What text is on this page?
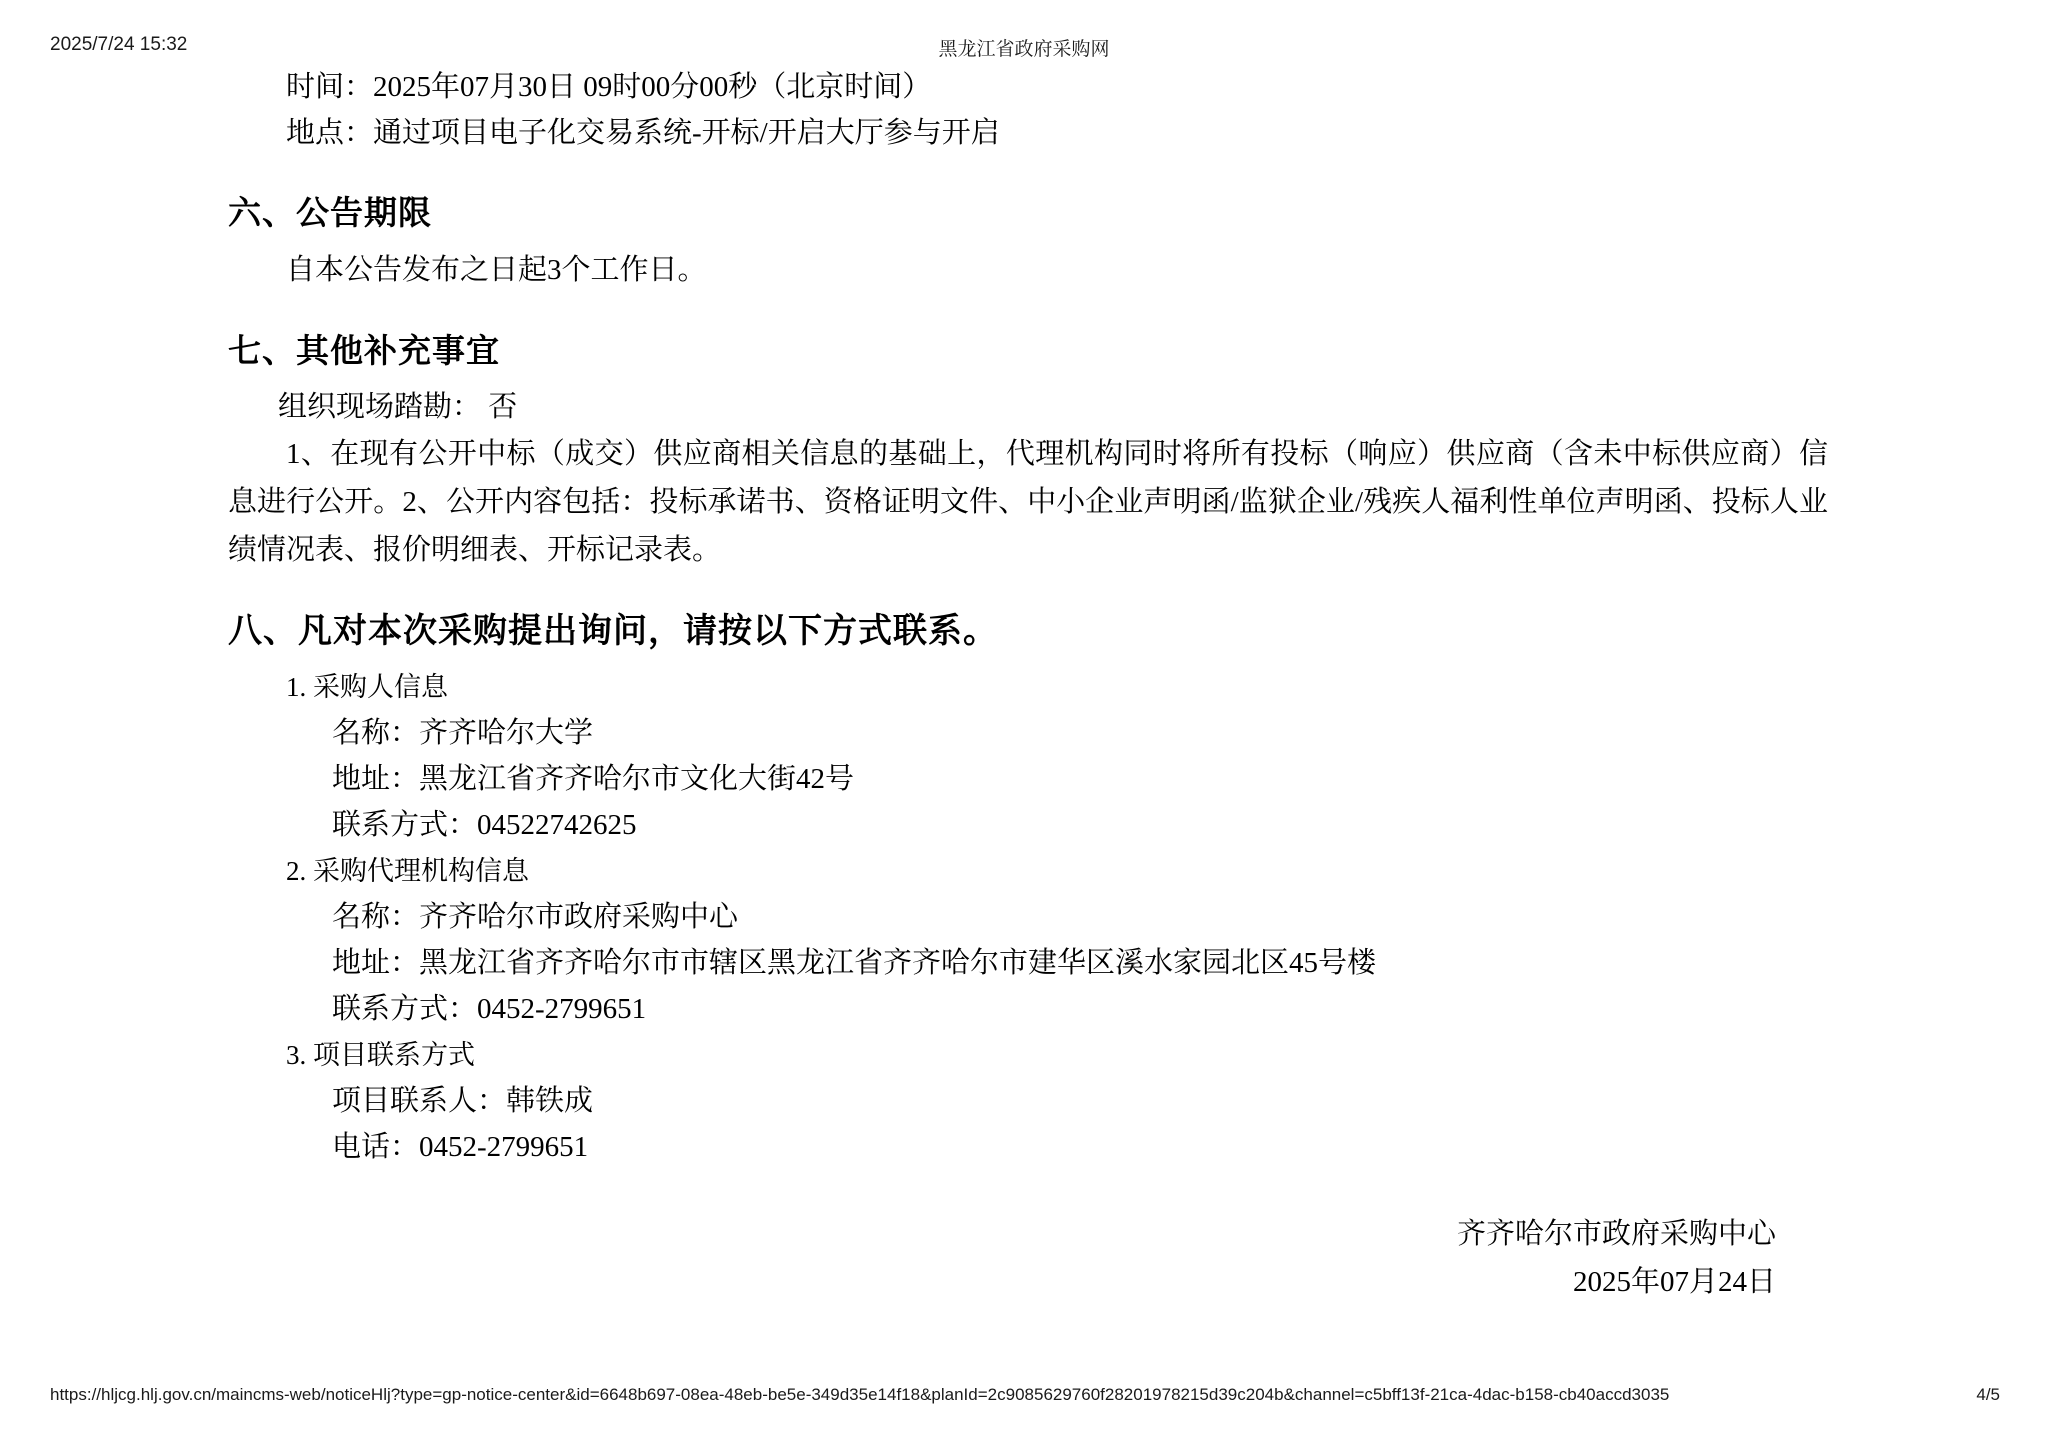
2025/7/24 15:32	黑龙江省政府采购网
时间：2025年07月30日 09时00分00秒（北京时间）
地点：通过项目电子化交易系统-开标/开启大厅参与开启
六、公告期限
自本公告发布之日起3个工作日。
七、其他补充事宜
组织现场踏勘： 否
1、在现有公开中标（成交）供应商相关信息的基础上，代理机构同时将所有投标（响应）供应商（含未中标供应商）信息进行公开。2、公开内容包括：投标承诺书、资格证明文件、中小企业声明函/监狱企业/残疾人福利性单位声明函、投标人业绩情况表、报价明细表、开标记录表。
八、凡对本次采购提出询问，请按以下方式联系。
1. 采购人信息
名称：齐齐哈尔大学
地址：黑龙江省齐齐哈尔市文化大街42号
联系方式：04522742625
2. 采购代理机构信息
名称：齐齐哈尔市政府采购中心
地址：黑龙江省齐齐哈尔市市辖区黑龙江省齐齐哈尔市建华区溪水家园北区45号楼
联系方式：0452-2799651
3. 项目联系方式
项目联系人：韩铁成
电话：0452-2799651
齐齐哈尔市政府采购中心
2025年07月24日
https://hljcg.hlj.gov.cn/maincms-web/noticeHlj?type=gp-notice-center&id=6648b697-08ea-48eb-be5e-349d35e14f18&planId=2c9085629760f28201978215d39c204b&channel=c5bff13f-21ca-4dac-b158-cb40accd3035	4/5
